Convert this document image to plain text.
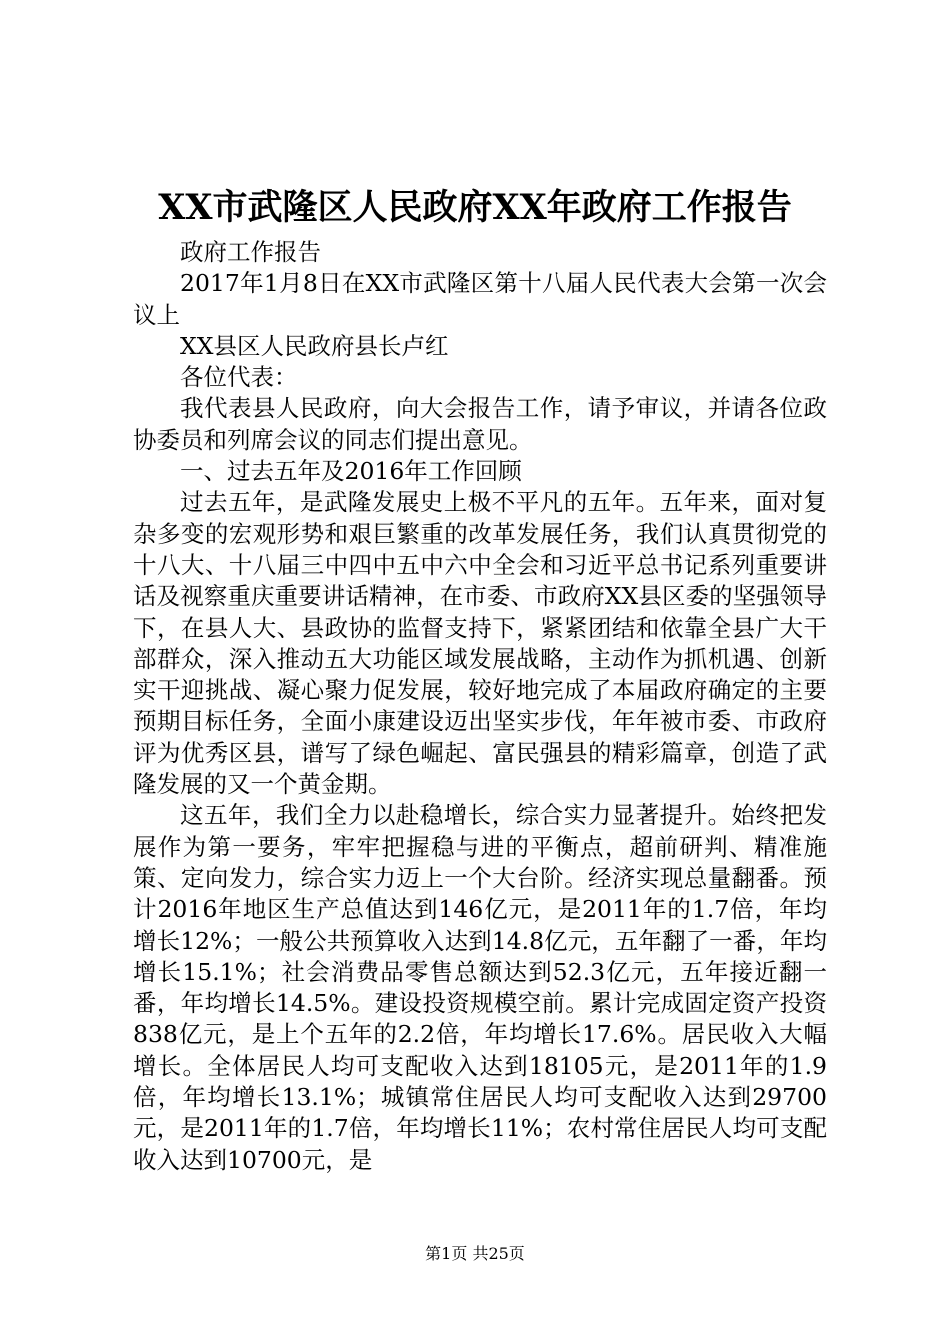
XX市武隆区人民政府XX年政府工作报告

政府工作报告

2017年1月8日在XX市武隆区第十八届人民代表大会第一次会议上

XX县区人民政府县长卢红

各位代表：

我代表县人民政府，向大会报告工作，请予审议，并请各位政协委员和列席会议的同志们提出意见。

一、过去五年及2016年工作回顾

过去五年，是武隆发展史上极不平凡的五年。五年来，面对复杂多变的宏观形势和艰巨繁重的改革发展任务，我们认真贯彻党的十八大、十八届三中四中五中六中全会和习近平总书记系列重要讲话及视察重庆重要讲话精神，在市委、市政府XX县区委的坚强领导下，在县人大、县政协的监督支持下，紧紧团结和依靠全县广大干部群众，深入推动五大功能区域发展战略，主动作为抓机遇、创新实干迎挑战、凝心聚力促发展，较好地完成了本届政府确定的主要预期目标任务，全面小康建设迈出坚实步伐，年年被市委、市政府评为优秀区县，谱写了绿色崛起、富民强县的精彩篇章，创造了武隆发展的又一个黄金期。

这五年，我们全力以赴稳增长，综合实力显著提升。始终把发展作为第一要务，牢牢把握稳与进的平衡点，超前研判、精准施策、定向发力，综合实力迈上一个大台阶。经济实现总量翻番。预计2016年地区生产总值达到146亿元，是2011年的1.7倍，年均增长12%；一般公共预算收入达到14.8亿元，五年翻了一番，年均增长15.1%；社会消费品零售总额达到52.3亿元，五年接近翻一番，年均增长14.5%。建设投资规模空前。累计完成固定资产投资838亿元，是上个五年的2.2倍，年均增长17.6%。居民收入大幅增长。全体居民人均可支配收入达到18105元，是2011年的1.9倍，年均增长13.1%；城镇常住居民人均可支配收入达到29700元，是2011年的1.7倍，年均增长11%；农村常住居民人均可支配收入达到10700元，是

第1页 共25页
